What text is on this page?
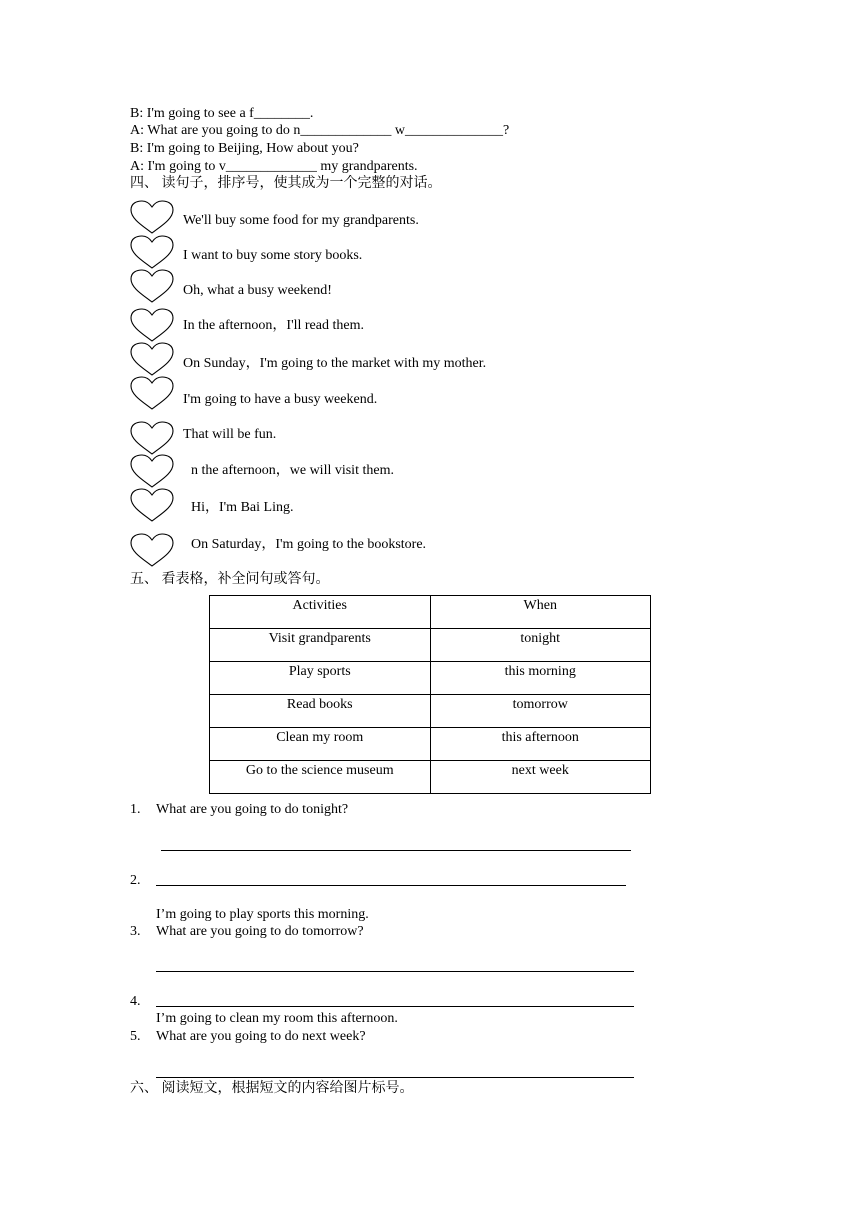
B: I'm going to see a f________.
A: What are you going to do n_____________ w______________?
B: I'm going to Beijing, How about you?
A: I'm going to v_____________ my grandparents.
四、 读句子，排序号，使其成为一个完整的对话。
We'll buy some food for my grandparents.
I want to buy some story books.
Oh, what a busy weekend!
In the afternoon，I'll read them.
On Sunday，I'm going to the market with my mother.
I'm going to have a busy weekend.
That will be fun.
n the afternoon，we will visit them.
Hi，I'm Bai Ling.
On Saturday，I'm going to the bookstore.
五、 看表格，补全问句或答句。
Activities	When
Visit grandparents	tonight
Play sports	this morning
Read books	tomorrow
Clean my room	this afternoon
Go to the science museum	next week
1. What are you going to do tonight?
2.
I’m going to play sports this morning.
3. What are you going to do tomorrow?
4.
I’m going to clean my room this afternoon.
5. What are you going to do next week?
六、 阅读短文，根据短文的内容给图片标号。
